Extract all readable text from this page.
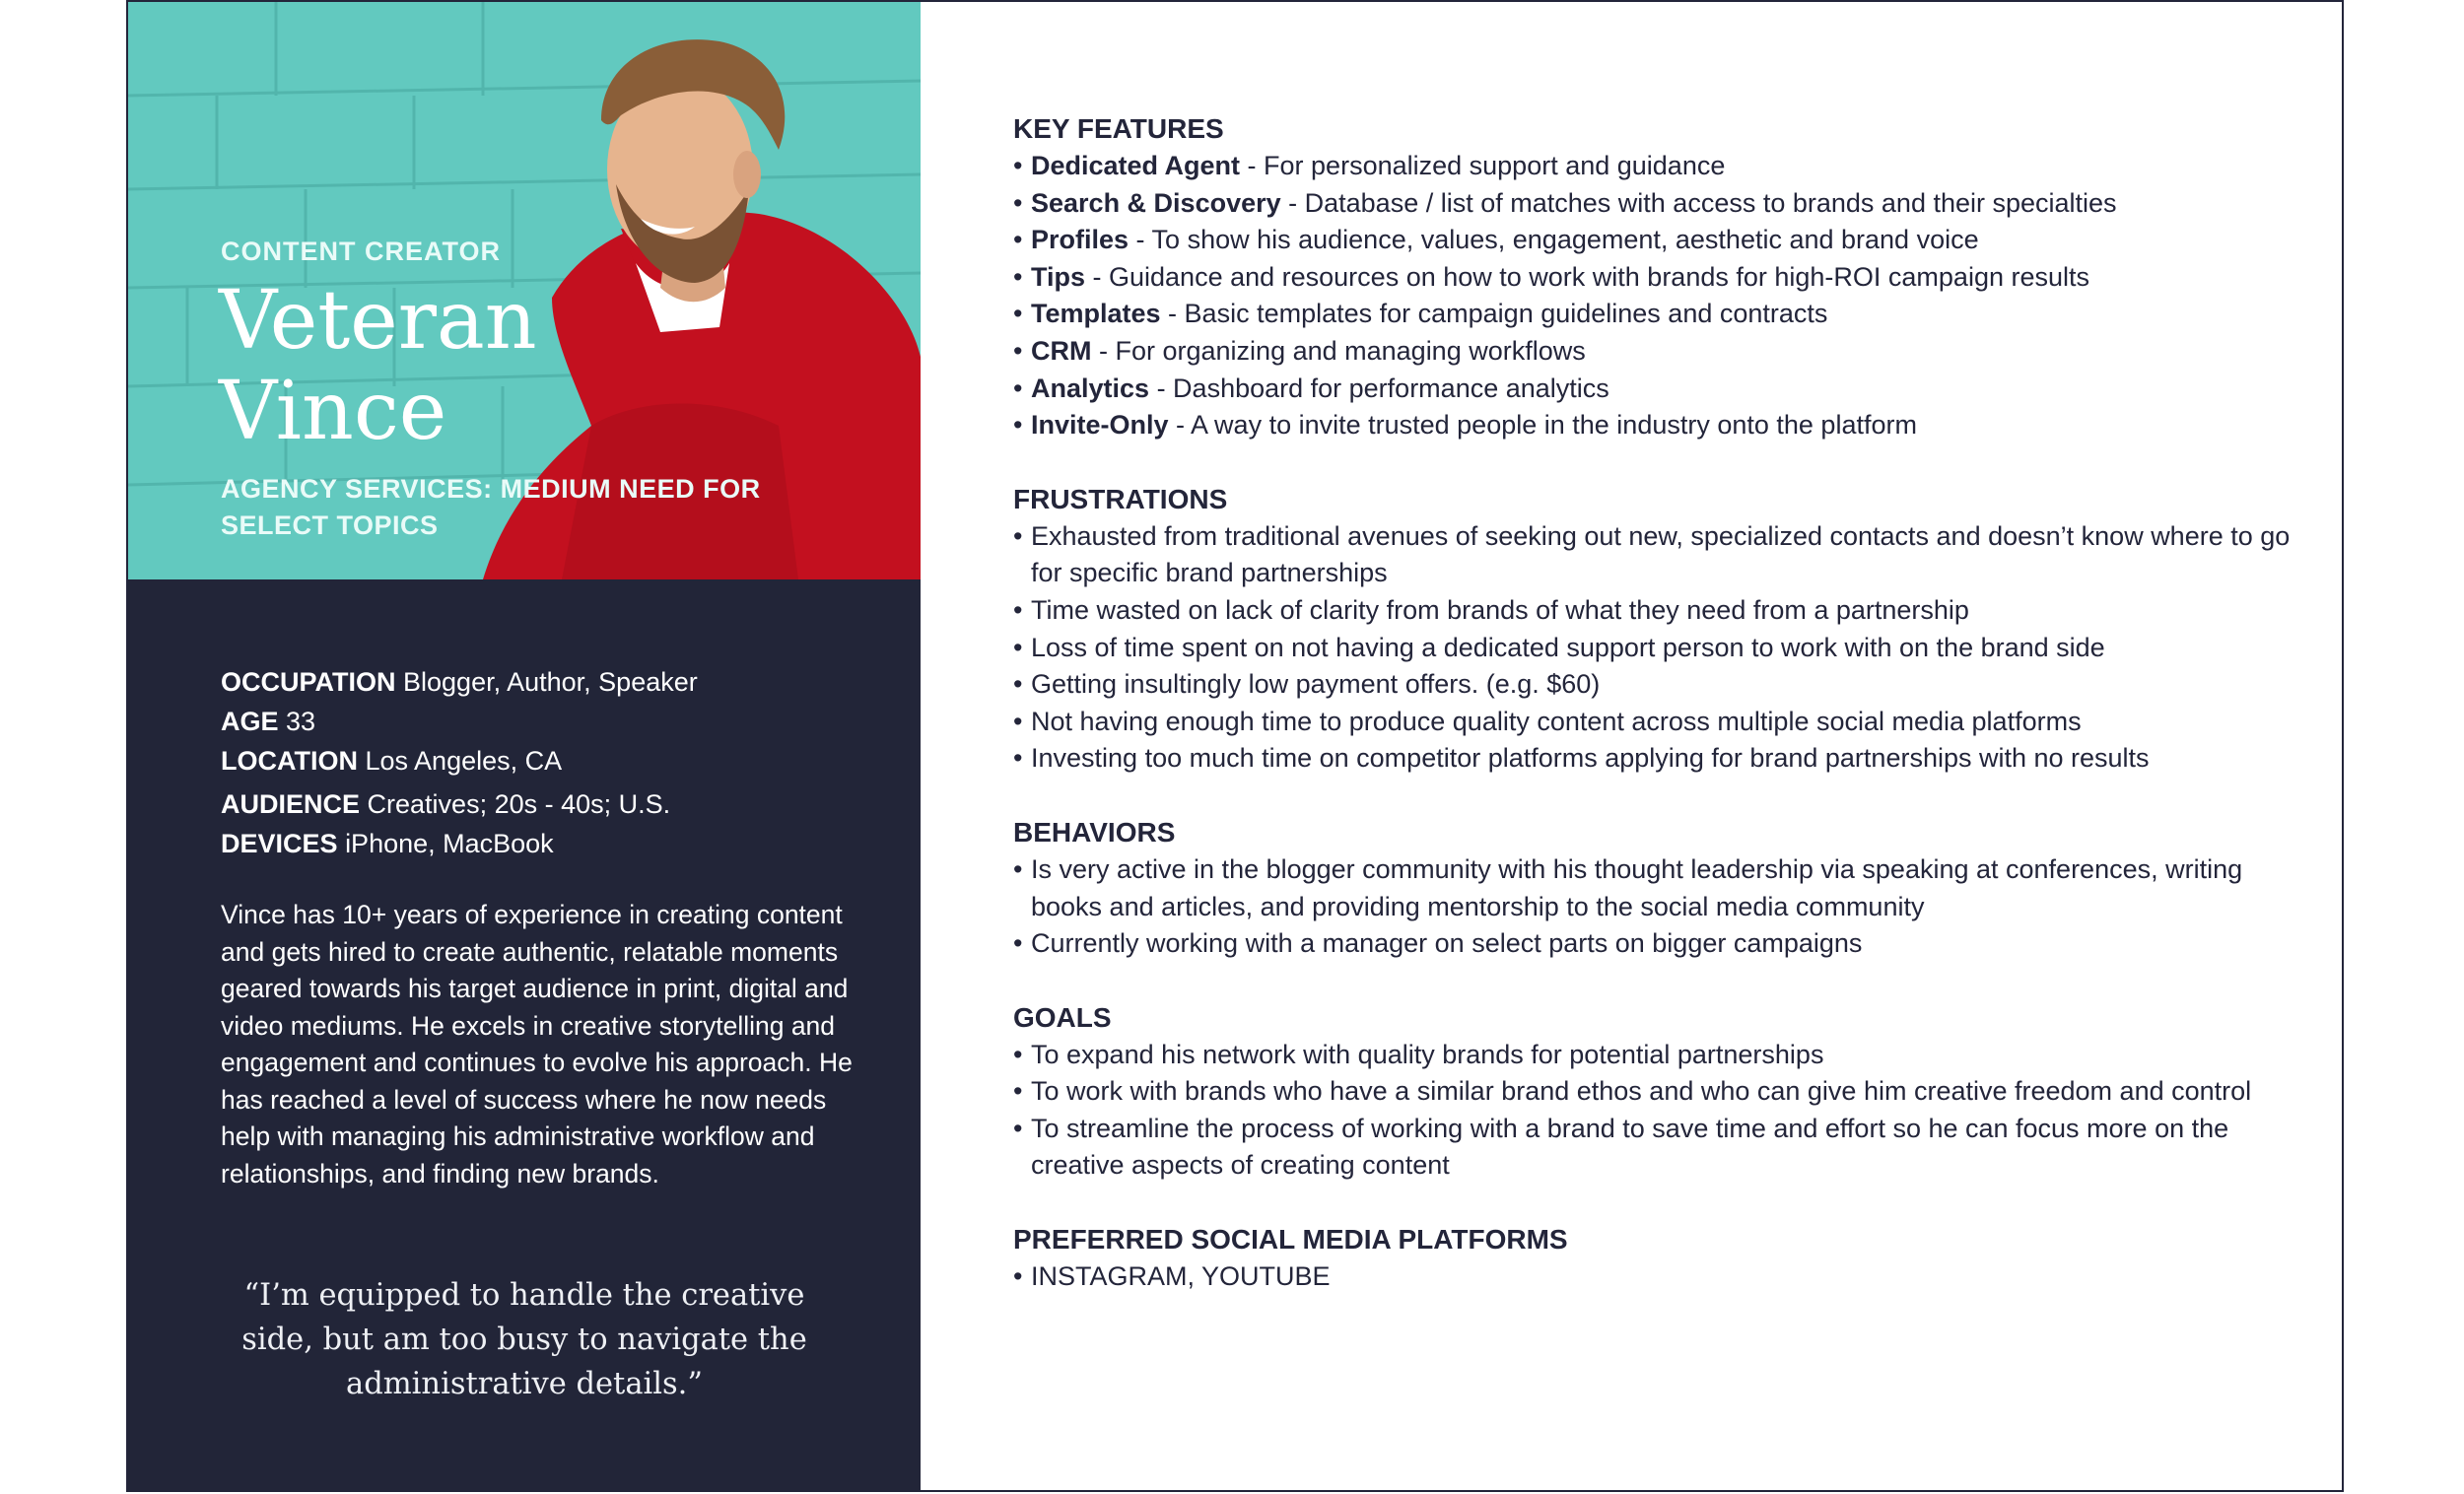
CONTENT CREATOR

Veteran
Vince

AGENCY SERVICES: MEDIUM NEED FOR SELECT TOPICS

OCCUPATION Blogger, Author, Speaker
AGE 33
LOCATION Los Angeles, CA
AUDIENCE Creatives; 20s - 40s; U.S.
DEVICES iPhone, MacBook

Vince has 10+ years of experience in creating content and gets hired to create authentic, relatable moments geared towards his target audience in print, digital and video mediums. He excels in creative storytelling and engagement and continues to evolve his approach. He has reached a level of success where he now needs help with managing his administrative workflow and relationships, and finding new brands.

“I’m equipped to handle the creative side, but am too busy to navigate the administrative details.”

KEY FEATURES
• Dedicated Agent - For personalized support and guidance
• Search & Discovery - Database / list of matches with access to brands and their specialties
• Profiles - To show his audience, values, engagement, aesthetic and brand voice
• Tips - Guidance and resources on how to work with brands for high-ROI campaign results
• Templates - Basic templates for campaign guidelines and contracts
• CRM - For organizing and managing workflows
• Analytics - Dashboard for performance analytics
• Invite-Only - A way to invite trusted people in the industry onto the platform
FRUSTRATIONS
• Exhausted from traditional avenues of seeking out new, specialized contacts and doesn’t know where to go for specific brand partnerships
• Time wasted on lack of clarity from brands of what they need from a partnership
• Loss of time spent on not having a dedicated support person to work with on the brand side
• Getting insultingly low payment offers. (e.g. $60)
• Not having enough time to produce quality content across multiple social media platforms
• Investing too much time on competitor platforms applying for brand partnerships with no results
BEHAVIORS
• Is very active in the blogger community with his thought leadership via speaking at conferences, writing books and articles, and providing mentorship to the social media community
• Currently working with a manager on select parts on bigger campaigns
GOALS
• To expand his network with quality brands for potential partnerships
• To work with brands who have a similar brand ethos and who can give him creative freedom and control
• To streamline the process of working with a brand to save time and effort so he can focus more on the creative aspects of creating content
PREFERRED SOCIAL MEDIA PLATFORMS
• INSTAGRAM, YOUTUBE
